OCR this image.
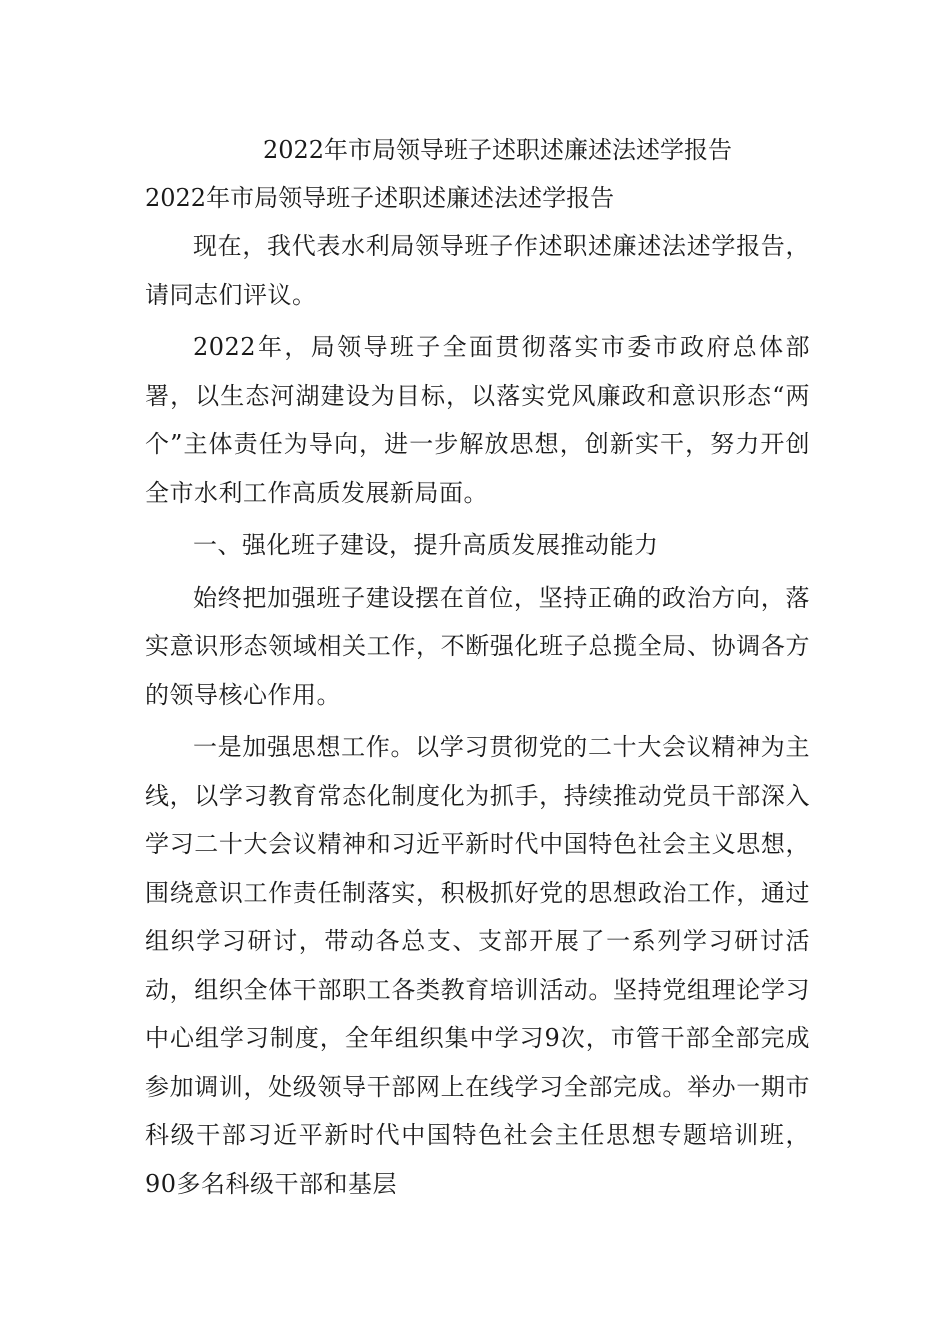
2022年市局领导班子述职述廉述法述学报告
2022年市局领导班子述职述廉述法述学报告

现在，我代表水利局领导班子作述职述廉述法述学报告，请同志们评议。

2022年，局领导班子全面贯彻落实市委市政府总体部署，以生态河湖建设为目标，以落实党风廉政和意识形态“两个”主体责任为导向，进一步解放思想，创新实干，努力开创全市水利工作高质发展新局面。

一、强化班子建设，提升高质发展推动能力

始终把加强班子建设摆在首位，坚持正确的政治方向，落实意识形态领域相关工作，不断强化班子总揽全局、协调各方的领导核心作用。

一是加强思想工作。以学习贯彻党的二十大会议精神为主线，以学习教育常态化制度化为抓手，持续推动党员干部深入学习二十大会议精神和习近平新时代中国特色社会主义思想，围绕意识工作责任制落实，积极抓好党的思想政治工作，通过组织学习研讨，带动各总支、支部开展了一系列学习研讨活动，组织全体干部职工各类教育培训活动。坚持党组理论学习中心组学习制度，全年组织集中学习9次，市管干部全部完成参加调训，处级领导干部网上在线学习全部完成。举办一期市科级干部习近平新时代中国特色社会主任思想专题培训班，90多名科级干部和基层
